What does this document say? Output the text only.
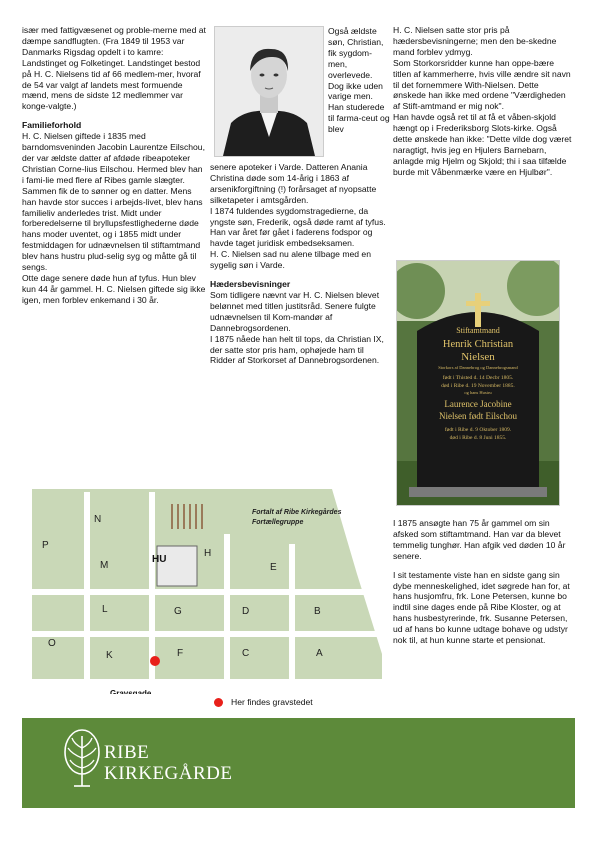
især med fattigvæsenet og proble-merne med at dæmpe sandflugten. (Fra 1849 til 1953 var Danmarks Rigsdag opdelt i to kamre: Landstinget og Folketinget. Landstinget bestod på H. C. Nielsens tid af 66 medlem-mer, hvoraf de 54 var valgt af landets mest formuende mænd, mens de sidste 12 medlemmer var konge-valgte.)

Familieforhold

H. C. Nielsen giftede i 1835 med barndomsveninden Jacobin Laurentze Eilschou, der var ældste datter af afdøde ribeapoteker Christian Corne-lius Eilschou. Hermed blev han i fami-lie med flere af Ribes gamle slægter. Sammen fik de to sønner og en datter. Mens han havde stor succes i arbejds-livet, blev hans familieliv anderledes trist. Midt under forberedelserne til bryllupsfestlighederne døde hans moder uventet, og i 1855 midt under festmiddagen for udnævnelsen til stiftamtmand blev hans hustru plud-selig syg og måtte gå til sengs.

Otte dage senere døde hun af tyfus. Hun blev kun 44 år gammel. H. C. Nielsen giftede sig ikke igen, men forblev enkemand i 30 år.

Også ældste søn, Christian, fik sygdom-men, overlevede. Dog ikke uden varige men. Han studerede til farma-ceut og blev

senere apoteker i Varde. Datteren Anania Christina døde som 14-årig i 1863 af arsenikforgiftning (!) forårsaget af nyopsatte silketapeter i amtsgården.

I 1874 fuldendes sygdomstragedierne, da yngste søn, Frederik, også døde ramt af tyfus. Han var året før gået i faderens fodspor og havde taget juridisk embedseksamen.

H. C. Nielsen sad nu alene tilbage med en sygelig søn i Varde.

Hædersbevisninger

Som tidligere nævnt var H. C. Nielsen blevet belønnet med titlen justitsråd. Senere fulgte udnævnelsen til Kom-mandør af Dannebrogsordenen.

I 1875 nåede han helt til tops, da Christian IX, der satte stor pris ham, ophøjede ham til Ridder af Storkorset af Dannebrogsordenen.

H. C. Nielsen satte stor pris på hædersbevisningerne; men den be-skedne mand forblev ydmyg.

Som Storkorsridder kunne han oppe-bære titlen af kammerherre, hvis ville ændre sit navn til det fornemmere With-Nielsen. Dette ønskede han ikke med ordene "Værdigheden af Stift-amtmand er mig nok".

Han havde også ret til at få et våben-skjold hængt op i Frederiksborg Slots-kirke. Også dette ønskede han ikke: "Dette vilde dog været naragtigt, hvis jeg en Hjulers Barnebarn, anlagde mig Hjelm og Skjold; thi i saa tilfælde burde mit Våbenmærke være en Hjulbør".

Stiftamtmand
Henrik Christian
Nielsen
Storkors af Dannebrog og Dannebrogsmand
født i Thisted d. 14 Decbr 1805.
død i Ribe d. 19 November 1885.
og hans Hustru
Laurence Jacobine
Nielsen født Eilschou
født i Ribe d. 9 Oktober 1809.
død i Ribe d. 8 Juni 1855.

I 1875 ansøgte han 75 år gammel om sin afsked som stiftamtmand. Han var da blevet temmelig tunghør. Han afgik ved døden 10 år senere.

I sit testamente viste han en sidste gang sin dybe menneskelighed, idet søgrede han for, at hans husjomfru, frk. Lone Petersen, kunne bo indtil sine dages ende på Ribe Kloster, og at hans husbestyrerinde, frk. Susanne Petersen, ud af hans bo kunne udtage bohave og udstyr nok til, at hun kunne starte et pensionat.

N
P
M
H
E
L	G	D	B
O
K	F	C	A
HU
Fortalt af Ribe Kirkegårdes
Fortællegruppe
Gravsgade
Her findes gravstedet
RIBE
KIRKEGÅRDE
